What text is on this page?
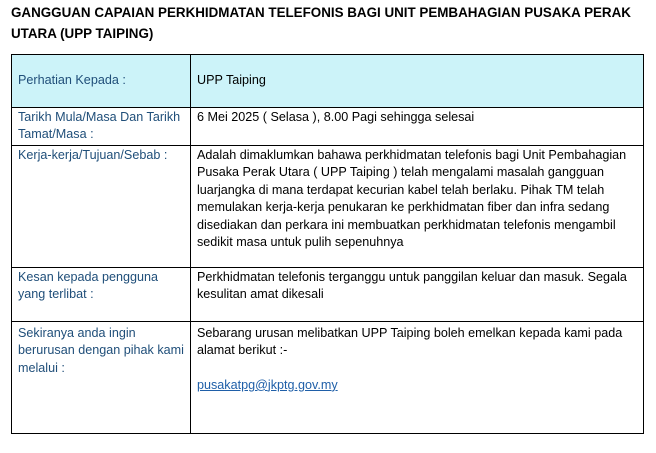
GANGGUAN CAPAIAN PERKHIDMATAN TELEFONIS BAGI UNIT PEMBAHAGIAN PUSAKA PERAK UTARA (UPP TAIPING)
Perhatian Kepada :	UPP Taiping
Tarikh Mula/Masa Dan Tarikh Tamat/Masa :	6 Mei 2025 ( Selasa ), 8.00 Pagi sehingga selesai
Kerja-kerja/Tujuan/Sebab :	Adalah dimaklumkan bahawa perkhidmatan telefonis bagi Unit Pembahagian Pusaka Perak Utara ( UPP Taiping ) telah mengalami masalah gangguan luarjangka di mana terdapat kecurian kabel telah berlaku. Pihak TM telah memulakan kerja-kerja penukaran ke perkhidmatan fiber dan infra sedang disediakan dan perkara ini membuatkan perkhidmatan telefonis mengambil sedikit masa untuk pulih sepenuhnya
Kesan kepada pengguna yang terlibat :	Perkhidmatan telefonis terganggu untuk panggilan keluar dan masuk. Segala kesulitan amat dikesali
Sekiranya anda ingin berurusan dengan pihak kami melalui :	Sebarang urusan melibatkan UPP Taiping boleh emelkan kepada kami pada alamat berikut :-
pusakatpg@jkptg.gov.my
